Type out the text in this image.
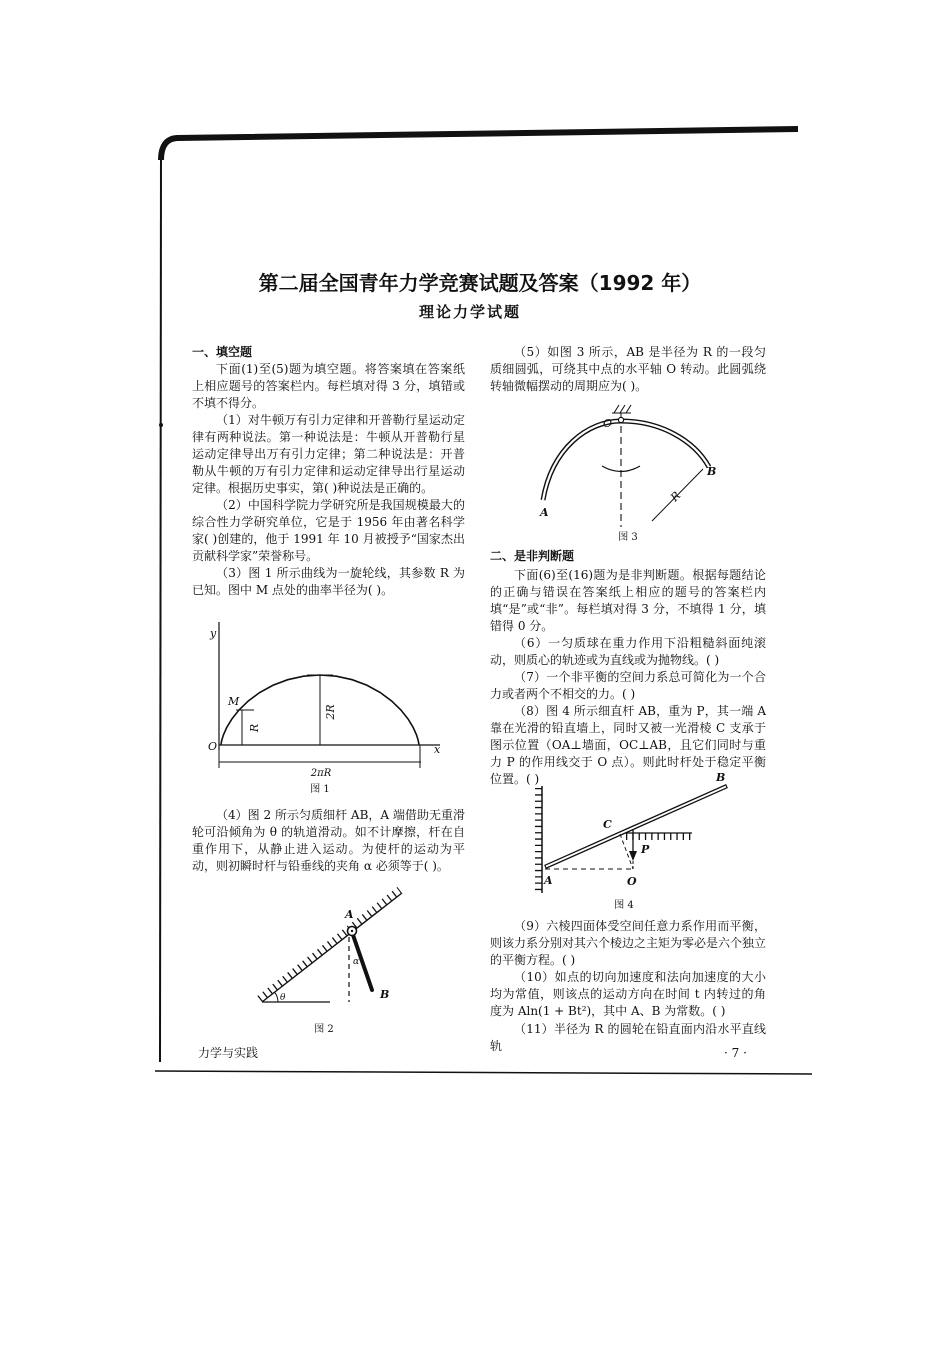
y
O	x
M
R
2R
2πR
图 1
A
B
θ
α
图 2
O
A
B
R
图 3
B
C
P
A	O
图 4
第二届全国青年力学竞赛试题及答案（1992 年）
理论力学试题

一、填空题

下面(1)至(5)题为填空题。将答案填在答案纸上相应题号的答案栏内。每栏填对得 3 分，填错或不填不得分。

（1）对牛顿万有引力定律和开普勒行星运动定律有两种说法。第一种说法是：牛顿从开普勒行星运动定律导出万有引力定律；第二种说法是：开普勒从牛顿的万有引力定律和运动定律导出行星运动定律。根据历史事实，第( )种说法是正确的。

（2）中国科学院力学研究所是我国规模最大的综合性力学研究单位，它是于 1956 年由著名科学家( )创建的，他于 1991 年 10 月被授予“国家杰出贡献科学家”荣誉称号。

（3）图 1 所示曲线为一旋轮线，其参数 R 为已知。图中 M 点处的曲率半径为( )。

（4）图 2 所示匀质细杆 AB，A 端借助无重滑轮可沿倾角为 θ 的轨道滑动。如不计摩擦，杆在自重作用下，从静止进入运动。为使杆的运动为平动，则初瞬时杆与铅垂线的夹角 α 必须等于( )。

（5）如图 3 所示，AB 是半径为 R 的一段匀质细圆弧，可绕其中点的水平轴 O 转动。此圆弧绕转轴微幅摆动的周期应为( )。

二、是非判断题

下面(6)至(16)题为是非判断题。根据每题结论的正确与错误在答案纸上相应的题号的答案栏内填“是”或“非”。每栏填对得 3 分，不填得 1 分，填错得 0 分。

（6）一匀质球在重力作用下沿粗糙斜面纯滚动，则质心的轨迹或为直线或为抛物线。( )

（7）一个非平衡的空间力系总可简化为一个合力或者两个不相交的力。( )

（8）图 4 所示细直杆 AB，重为 P，其一端 A 靠在光滑的铅直墙上，同时又被一光滑棱 C 支承于图示位置（OA⊥墙面，OC⊥AB，且它们同时与重力 P 的作用线交于 O 点）。则此时杆处于稳定平衡位置。( )

（9）六棱四面体受空间任意力系作用而平衡，则该力系分别对其六个棱边之主矩为零必是六个独立的平衡方程。( )

（10）如点的切向加速度和法向加速度的大小均为常值，则该点的运动方向在时间 t 内转过的角度为 Aln(1 + Bt²)，其中 A、B 为常数。( )

（11）半径为 R 的圆轮在铅直面内沿水平直线轨

力学与实践	· 7 ·
